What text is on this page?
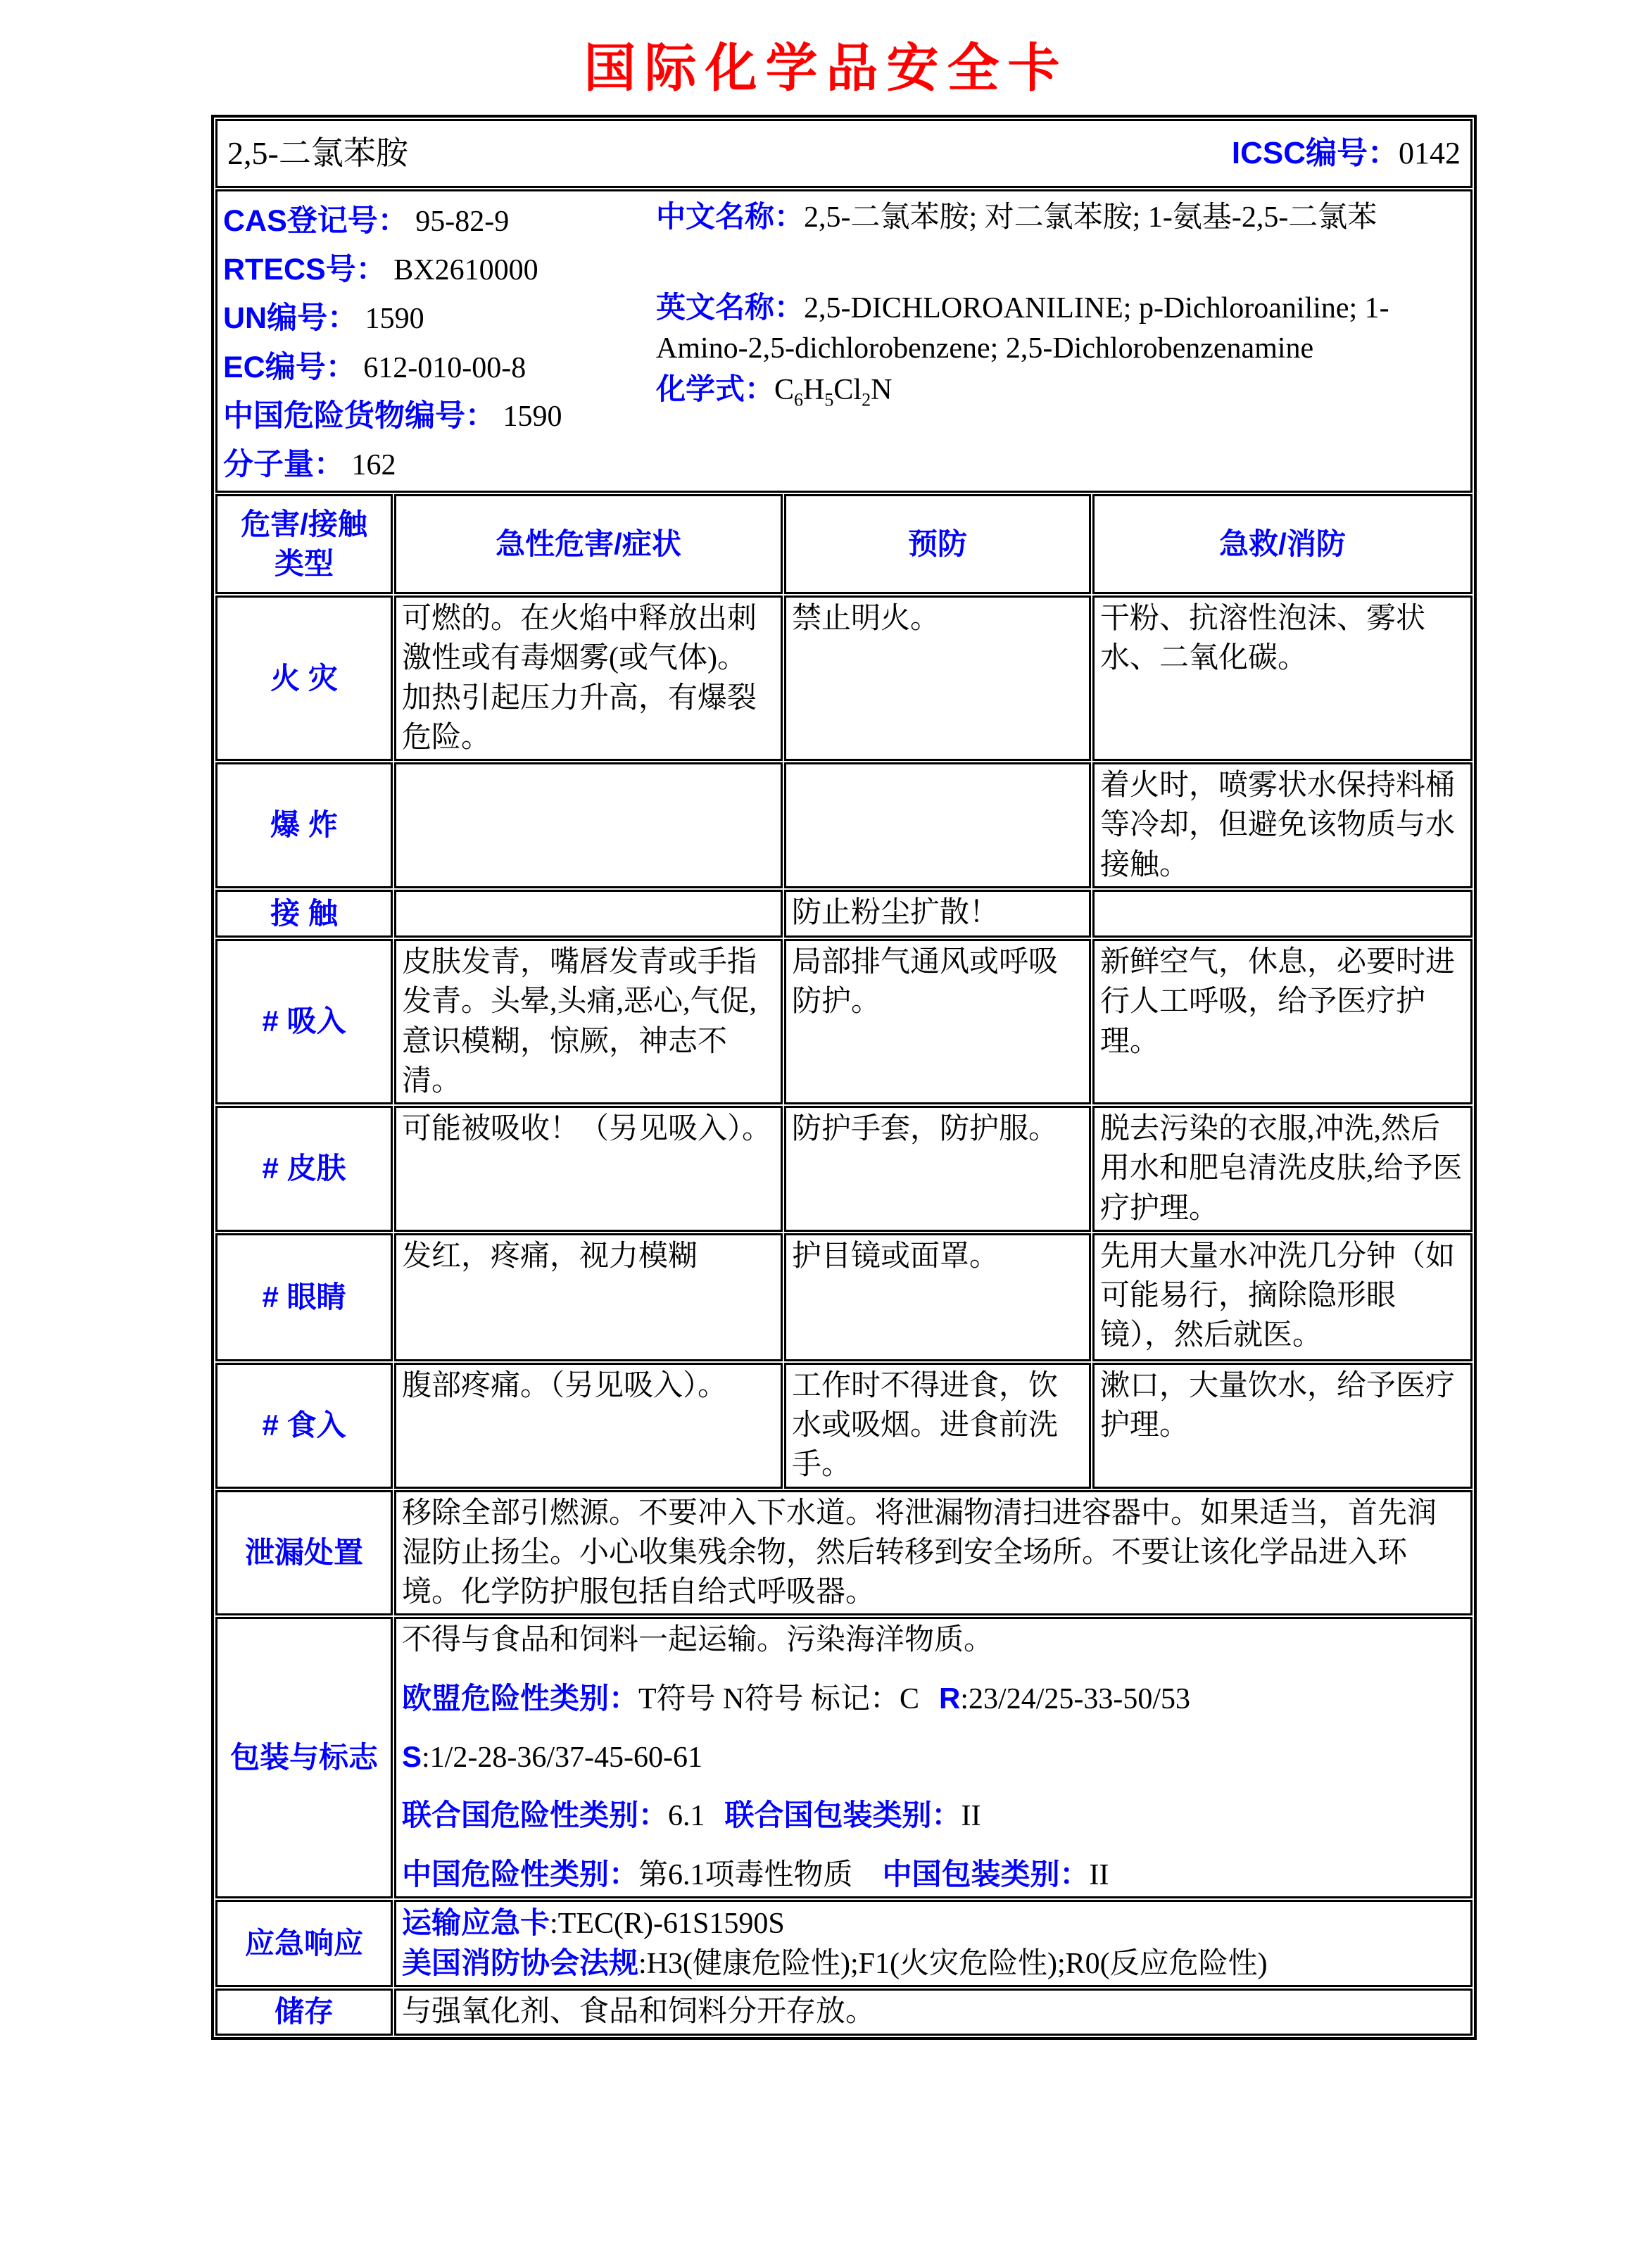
国际化学品安全卡
2,5-二氯苯胺 ICSC编号：0142			

CAS登记号： 95-82-9
RTECS号： BX2610000
UN编号： 1590
EC编号： 612-010-00-8
中国危险货物编号： 1590
分子量： 162
中文名称：2,5-二氯苯胺; 对二氯苯胺; 1-氨基-2,5-二氯苯
英文名称：2,5-DICHLOROANILINE; p-Dichloroaniline; 1-Amino-2,5-dichlorobenzene; 2,5-Dichlorobenzenamine
化学式：$C_6H_5Cl_2N$

危害/接触
类型	急性危害/症状	预防	急救/消防
火 灾	可燃的。在火焰中释放出刺激性或有毒烟雾(或气体)。加热引起压力升高，有爆裂危险。	禁止明火。	干粉、抗溶性泡沫、雾状水、二氧化碳。
爆 炸			着火时，喷雾状水保持料桶等冷却，但避免该物质与水接触。
接 触		防止粉尘扩散！	
# 吸入	皮肤发青，嘴唇发青或手指发青。头晕,头痛,恶心,气促,意识模糊，惊厥，神志不清。	局部排气通风或呼吸防护。	新鲜空气，休息，必要时进行人工呼吸，给予医疗护理。
# 皮肤	可能被吸收！（另见吸入）。	防护手套，防护服。	脱去污染的衣服,冲洗,然后用水和肥皂清洗皮肤,给予医疗护理。
# 眼睛	发红，疼痛，视力模糊	护目镜或面罩。	先用大量水冲洗几分钟（如可能易行，摘除隐形眼镜），然后就医。
# 食入	腹部疼痛。（另见吸入）。	工作时不得进食，饮水或吸烟。进食前洗手。	漱口，大量饮水，给予医疗护理。
泄漏处置	移除全部引燃源。不要冲入下水道。将泄漏物清扫进容器中。如果适当，首先润湿防止扬尘。小心收集残余物，然后转移到安全场所。不要让该化学品进入环境。化学防护服包括自给式呼吸器。		
包装与标志	不得与食品和饲料一起运输。污染海洋物质。
欧盟危险性类别：T符号 N符号 标记：C R:23/24/25-33-50/53
S:1/2-28-36/37-45-60-61
联合国危险性类别：6.1 联合国包装类别：II
中国危险性类别：第6.1项毒性物质 中国包装类别：II		

应急响应	运输应急卡:TEC(R)-61S1590S
美国消防协会法规:H3(健康危险性);F1(火灾危险性);R0(反应危险性)		

储存	与强氧化剂、食品和饲料分开存放。		
